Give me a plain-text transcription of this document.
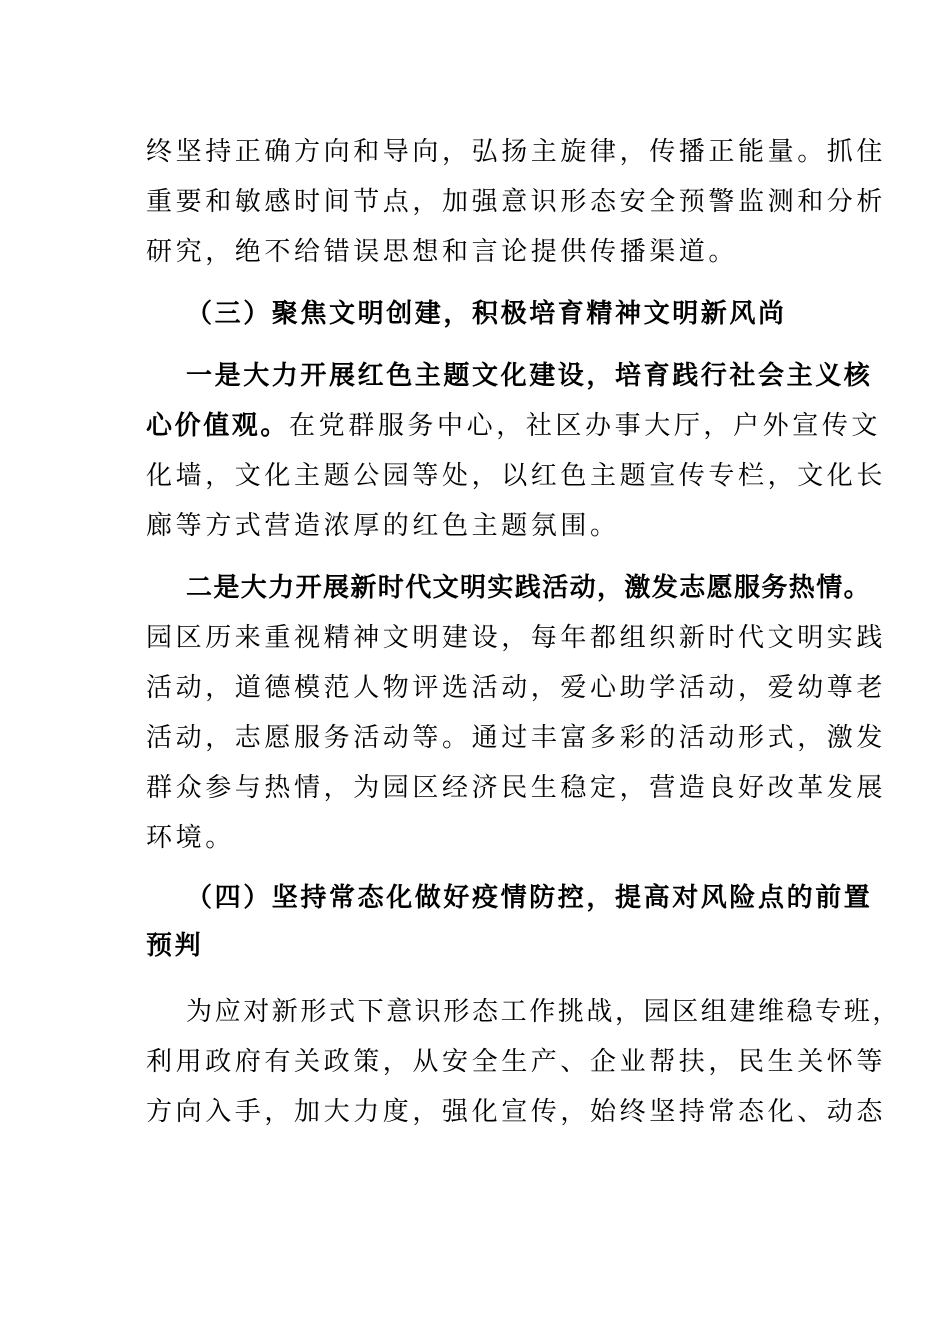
终坚持正确方向和导向，弘扬主旋律，传播正能量。抓住
重要和敏感时间节点，加强意识形态安全预警监测和分析
研究，绝不给错误思想和言论提供传播渠道。
（三）聚焦文明创建，积极培育精神文明新风尚
一是大力开展红色主题文化建设，培育践行社会主义核
心价值观。在党群服务中心，社区办事大厅，户外宣传文
化墙，文化主题公园等处，以红色主题宣传专栏，文化长
廊等方式营造浓厚的红色主题氛围。
二是大力开展新时代文明实践活动，激发志愿服务热情。
园区历来重视精神文明建设，每年都组织新时代文明实践
活动，道德模范人物评选活动，爱心助学活动，爱幼尊老
活动，志愿服务活动等。通过丰富多彩的活动形式，激发
群众参与热情，为园区经济民生稳定，营造良好改革发展
环境。
（四）坚持常态化做好疫情防控，提高对风险点的前置
预判
为应对新形式下意识形态工作挑战，园区组建维稳专班，
利用政府有关政策，从安全生产、企业帮扶，民生关怀等
方向入手，加大力度，强化宣传，始终坚持常态化、动态
